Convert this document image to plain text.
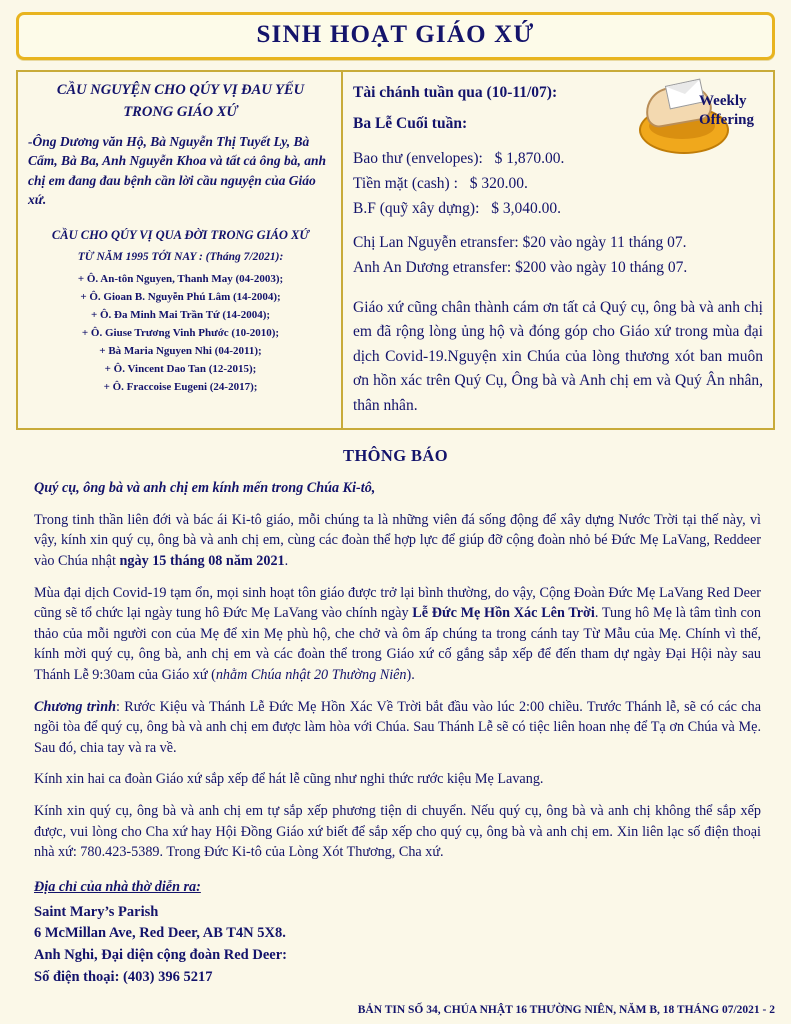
SINH HOẠT GIÁO XỨ
CẦU NGUYỆN CHO QÚY VỊ ĐAU YẾU
TRONG GIÁO XỨ
-Ông Dương văn Hộ, Bà Nguyễn Thị Tuyết Ly, Bà Cẩm, Bà Ba, Anh Nguyễn Khoa và tất cả ông bà, anh chị em đang đau bệnh cần lời cầu nguyện của Giáo xứ.
CẦU CHO QÚY VỊ QUA ĐỜI TRONG GIÁO XỨ
TỪ NĂM 1995 TỚI NAY : (Tháng 7/2021):
+ Ô. An-tôn Nguyen, Thanh May (04-2003);
+ Ô. Gioan B. Nguyễn Phú Lâm (14-2004);
+ Ô. Đa Minh Mai Trần Tứ (14-2004);
+ Ô. Giuse Trương Vinh Phước (10-2010);
+ Bà Maria Nguyen Nhi (04-2011);
+ Ô. Vincent Dao Tan (12-2015);
+ Ô. Fraccoise Eugeni (24-2017);
Weekly
Offering
Tài chánh tuần qua (10-11/07):
Ba Lễ Cuối tuần:
Bao thư (envelopes): $ 1,870.00.
Tiền mặt (cash) : $ 320.00.
B.F (quỹ xây dựng): $ 3,040.00.
Chị Lan Nguyễn etransfer: $20 vào ngày 11 tháng 07.
Anh An Dương etransfer: $200 vào ngày 10 tháng 07.
Giáo xứ cũng chân thành cám ơn tất cả Quý cụ, ông bà và anh chị em đã rộng lòng ủng hộ và đóng góp cho Giáo xứ trong mùa đại dịch Covid-19.Nguyện xin Chúa của lòng thương xót ban muôn ơn hồn xác trên Quý Cụ, Ông bà và Anh chị em và Quý Ân nhân, thân nhân.
THÔNG BÁO
Quý cụ, ông bà và anh chị em kính mến trong Chúa Ki-tô,
Trong tinh thần liên đới và bác ái Ki-tô giáo, mỗi chúng ta là những viên đá sống động để xây dựng Nước Trời tại thế này, vì vậy, kính xin quý cụ, ông bà và anh chị em, cùng các đoàn thể hợp lực để giúp đỡ cộng đoàn nhỏ bé Đức Mẹ LaVang, Reddeer vào Chúa nhật ngày 15 tháng 08 năm 2021.
Mùa đại dịch Covid-19 tạm ổn, mọi sinh hoạt tôn giáo được trở lại bình thường, do vậy, Cộng Đoàn Đức Mẹ LaVang Red Deer cũng sẽ tổ chức lại ngày tung hô Đức Mẹ LaVang vào chính ngày Lễ Đức Mẹ Hồn Xác Lên Trời. Tung hô Mẹ là tâm tình con thảo của mỗi người con của Mẹ để xin Mẹ phù hộ, che chở và ôm ấp chúng ta trong cánh tay Từ Mẫu của Mẹ. Chính vì thế, kính mời quý cụ, ông bà, anh chị em và các đoàn thể trong Giáo xứ cố gắng sắp xếp để đến tham dự ngày Đại Hội này sau Thánh Lễ 9:30am của Giáo xứ (nhằm Chúa nhật 20 Thường Niên).
Chương trình: Rước Kiệu và Thánh Lễ Đức Mẹ Hồn Xác Về Trời bắt đầu vào lúc 2:00 chiều. Trước Thánh lễ, sẽ có các cha ngồi tòa để quý cụ, ông bà và anh chị em được làm hòa với Chúa. Sau Thánh Lễ sẽ có tiệc liên hoan nhẹ để Tạ ơn Chúa và Mẹ. Sau đó, chia tay và ra về.
Kính xin hai ca đoàn Giáo xứ sắp xếp để hát lễ cũng như nghi thức rước kiệu Mẹ Lavang.
Kính xin quý cụ, ông bà và anh chị em tự sắp xếp phương tiện di chuyển. Nếu quý cụ, ông bà và anh chị không thể sắp xếp được, vui lòng cho Cha xứ hay Hội Đồng Giáo xứ biết để sắp xếp cho quý cụ, ông bà và anh chị em. Xin liên lạc số điện thoại nhà xứ: 780.423-5389. Trong Đức Ki-tô của Lòng Xót Thương, Cha xứ.
Địa chỉ của nhà thờ diễn ra:
Saint Mary’s Parish
6 McMillan Ave, Red Deer, AB T4N 5X8.
Anh Nghi, Đại diện cộng đoàn Red Deer:
Số điện thoại: (403) 396 5217
BẢN TIN SỐ 34, CHÚA NHẬT 16 THƯỜNG NIÊN, NĂM B, 18 THÁNG 07/2021 - 2
